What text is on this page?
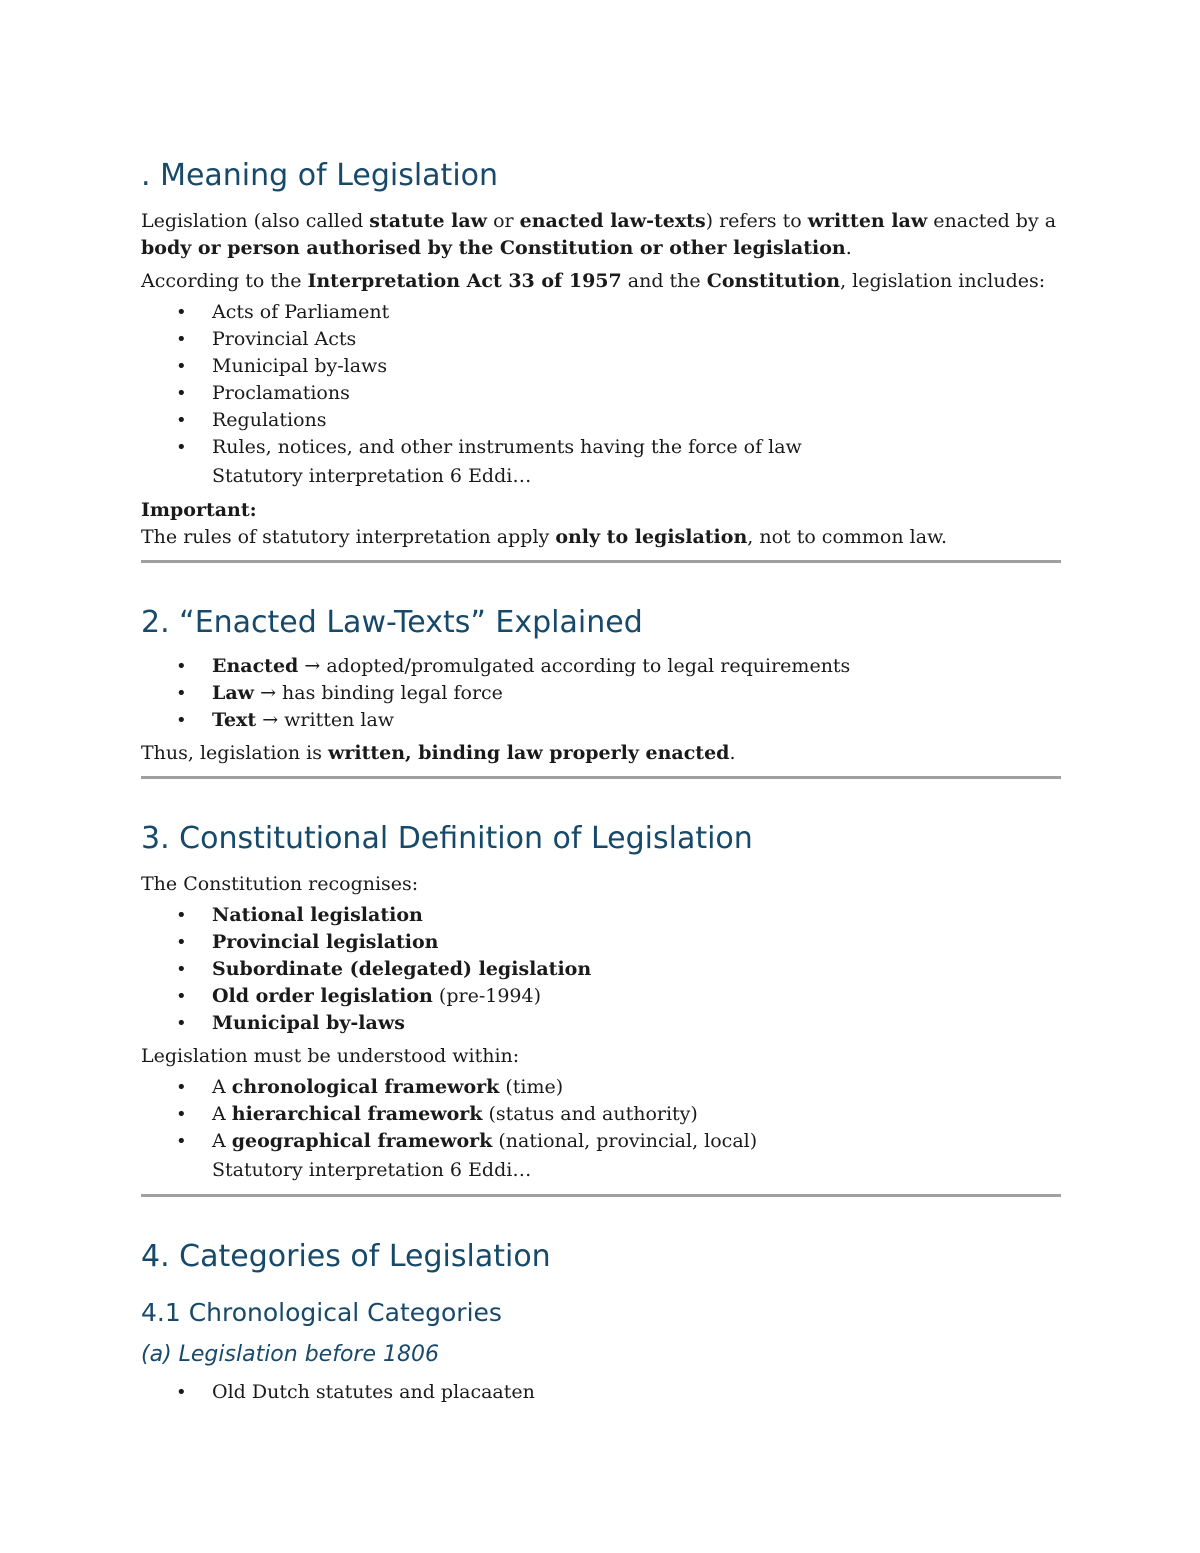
. Meaning of Legislation

Legislation (also called statute law or enacted law-texts) refers to written law enacted by a body or person authorised by the Constitution or other legislation.

According to the Interpretation Act 33 of 1957 and the Constitution, legislation includes:

• Acts of Parliament
• Provincial Acts
• Municipal by-laws
• Proclamations
• Regulations
• Rules, notices, and other instruments having the force of law
Statutory interpretation 6 Eddi…

Important:

The rules of statutory interpretation apply only to legislation, not to common law.

2. “Enacted Law-Texts” Explained
• Enacted → adopted/promulgated according to legal requirements
• Law → has binding legal force
• Text → written law

Thus, legislation is written, binding law properly enacted.

3. Constitutional Definition of Legislation

The Constitution recognises:

• National legislation
• Provincial legislation
• Subordinate (delegated) legislation
• Old order legislation (pre-1994)
• Municipal by-laws

Legislation must be understood within:

• A chronological framework (time)
• A hierarchical framework (status and authority)
• A geographical framework (national, provincial, local)
Statutory interpretation 6 Eddi…
4. Categories of Legislation
4.1 Chronological Categories
(a) Legislation before 1806
• Old Dutch statutes and placaaten
